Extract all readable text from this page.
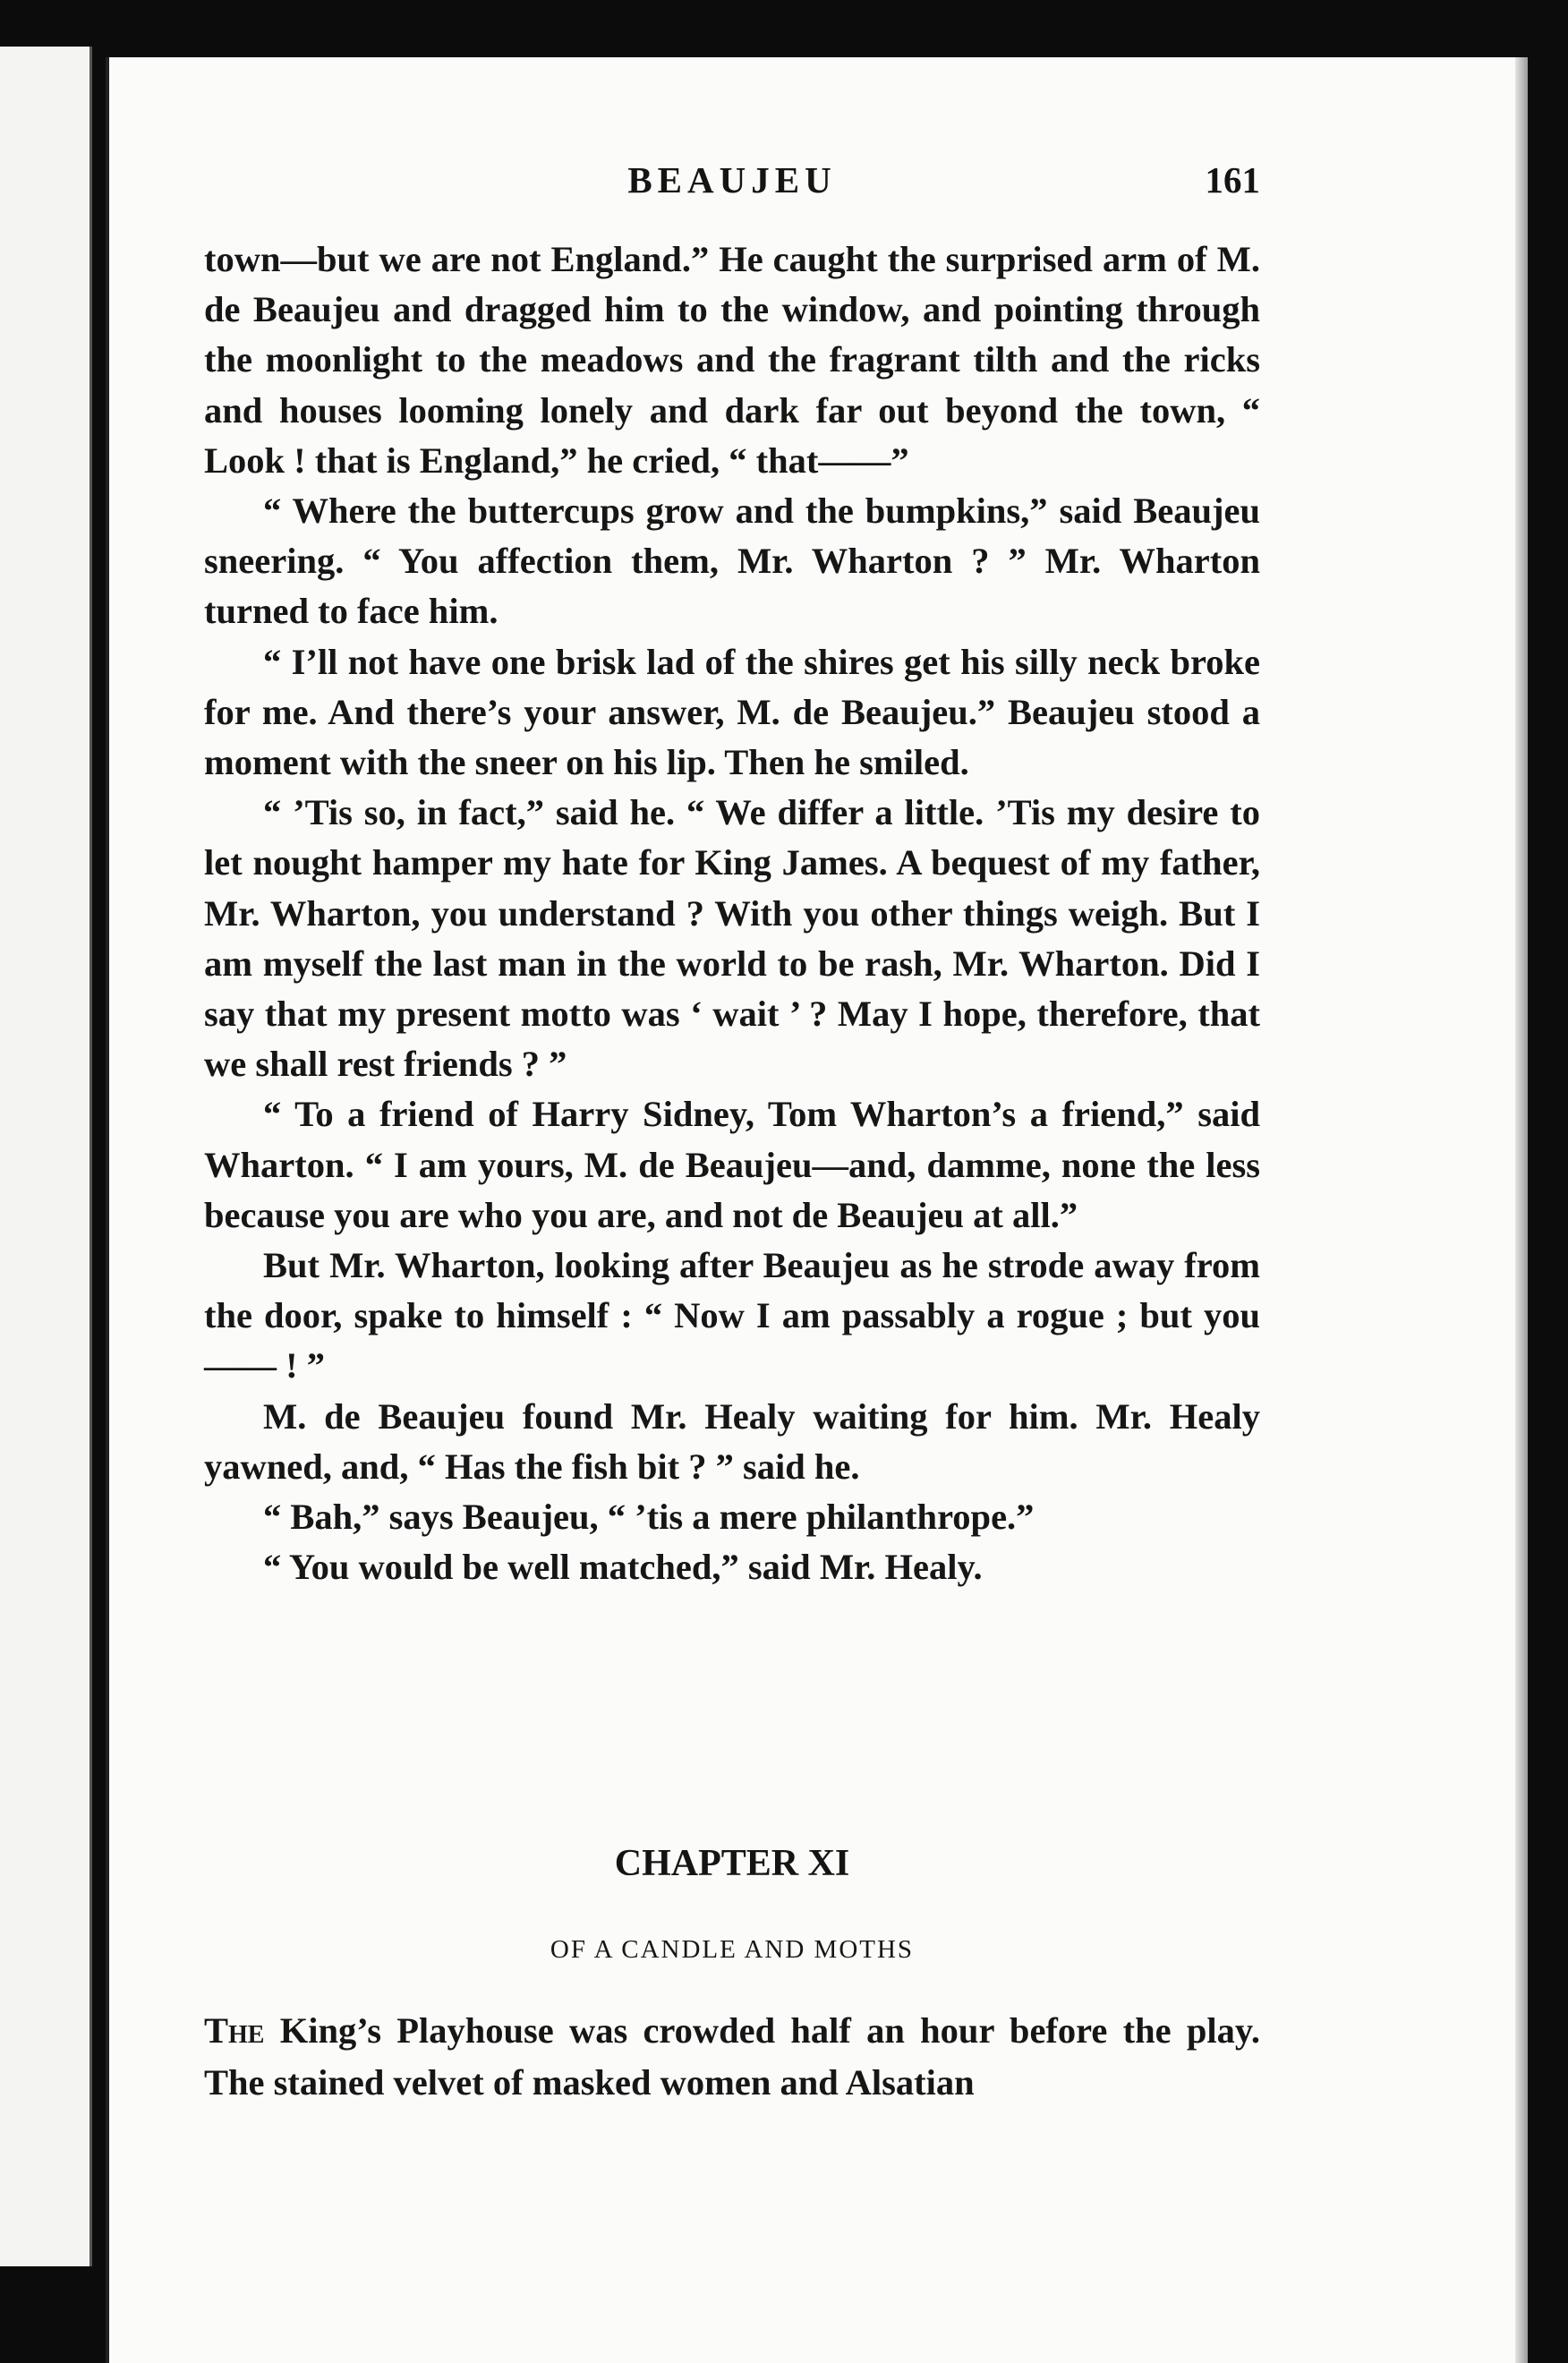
BEAUJEU	161

town—but we are not England.” He caught the surprised arm of M. de Beaujeu and dragged him to the window, and pointing through the moonlight to the meadows and the fragrant tilth and the ricks and houses looming lonely and dark far out beyond the town, “ Look ! that is England,” he cried, “ that——”

“ Where the buttercups grow and the bumpkins,” said Beaujeu sneering. “ You affection them, Mr. Wharton ? ” Mr. Wharton turned to face him.

“ I’ll not have one brisk lad of the shires get his silly neck broke for me. And there’s your answer, M. de Beaujeu.” Beaujeu stood a moment with the sneer on his lip. Then he smiled.

“ ’Tis so, in fact,” said he. “ We differ a little. ’Tis my desire to let nought hamper my hate for King James. A bequest of my father, Mr. Wharton, you understand ? With you other things weigh. But I am myself the last man in the world to be rash, Mr. Wharton. Did I say that my present motto was ‘ wait ’ ? May I hope, therefore, that we shall rest friends ? ”

“ To a friend of Harry Sidney, Tom Wharton’s a friend,” said Wharton. “ I am yours, M. de Beaujeu—and, damme, none the less because you are who you are, and not de Beaujeu at all.”

But Mr. Wharton, looking after Beaujeu as he strode away from the door, spake to himself : “ Now I am passably a rogue ; but you—— ! ”

M. de Beaujeu found Mr. Healy waiting for him. Mr. Healy yawned, and, “ Has the fish bit ? ” said he.

“ Bah,” says Beaujeu, “ ’tis a mere philanthrope.”

“ You would be well matched,” said Mr. Healy.

CHAPTER XI
OF A CANDLE AND MOTHS

The King’s Playhouse was crowded half an hour before the play. The stained velvet of masked women and Alsatian
